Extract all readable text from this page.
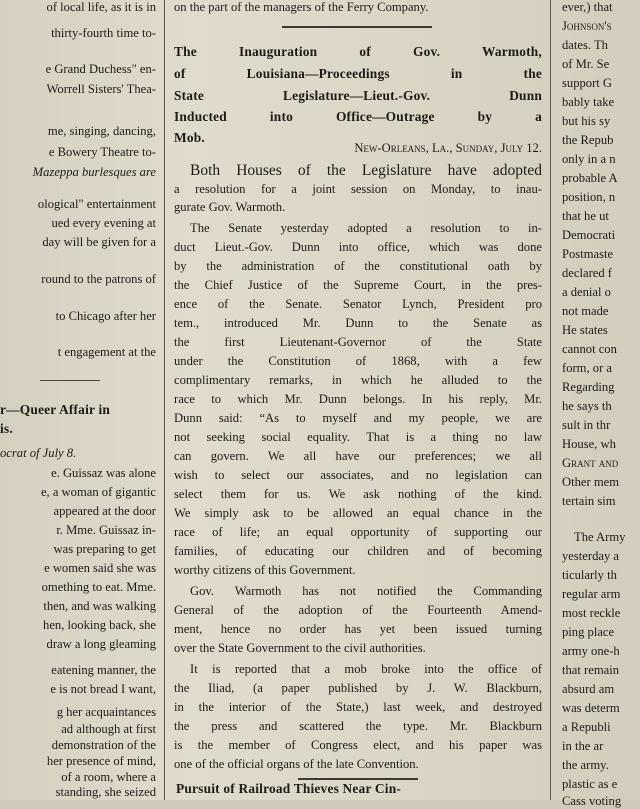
of local life, as it is in
thirty-fourth time to-
e Grand Duchess" en-
Worrell Sisters' Thea-
me, singing, dancing,
e Bowery Theatre to-
Mazeppa burlesques are
ological" entertainment
ued every evening at
day will be given for a
round to the patrons of
to Chicago after her
t engagement at the
r—Queer Affair in
is.
ocrat of July 8.
e. Guissaz was alone
e, a woman of gigantic
appeared at the door
r. Mme. Guissaz in-
was preparing to get
e women said she was
omething to eat. Mme.
then, and was walking
hen, looking back, she
draw a long gleaming
eatening manner, the
e is not bread I want,
g her acquaintances
ad although at first
demonstration of the
her presence of mind,
of a room, where a
standing, she seized
on the part of the managers of the Ferry Company.
The Inauguration of Gov. Warmoth,
of Louisiana—Proceedings in the
State Legislature—Lieut.-Gov. Dunn
Inducted into Office—Outrage by a
Mob.
New-Orleans, La., Sunday, July 12.
Both Houses of the Legislature have adopted
a resolution for a joint session on Monday, to inau-
gurate Gov. Warmoth.
The Senate yesterday adopted a resolution to in-
duct Lieut.-Gov. Dunn into office, which was done
by the administration of the constitutional oath by
the Chief Justice of the Supreme Court, in the pres-
ence of the Senate. Senator Lynch, President pro
tem., introduced Mr. Dunn to the Senate as
the first Lieutenant-Governor of the State
under the Constitution of 1868, with a few
complimentary remarks, in which he alluded to the
race to which Mr. Dunn belongs. In his reply, Mr.
Dunn said: “As to myself and my people, we are
not seeking social equality. That is a thing no law
can govern. We all have our preferences; we all
wish to select our associates, and no legislation can
select them for us. We ask nothing of the kind.
We simply ask to be allowed an equal chance in the
race of life; an equal opportunity of supporting our
families, of educating our children and of becoming
worthy citizens of this Government.
Gov. Warmoth has not notified the Commanding
General of the adoption of the Fourteenth Amend-
ment, hence no order has yet been issued turning
over the State Government to the civil authorities.
It is reported that a mob broke into the office of
the Iliad, (a paper published by J. W. Blackburn,
in the interior of the State,) last week, and destroyed
the press and scattered the type. Mr. Blackburn
is the member of Congress elect, and his paper was
one of the official organs of the late Convention.
Pursuit of Railroad Thieves Near Cin-
ever,) that
Johnson's
dates. Th
of Mr. Se
support G
bably take
but his sy
the Repub
only in a n
probable A
position, n
that he ut
Democrati
Postmaste
declared f
a denial o
not made
He states
cannot con
form, or a
Regarding
he says th
sult in thr
House, wh
Grant and
Other mem
tertain sim
The Army
yesterday a
ticularly th
regular arm
most reckle
ping place
army one-h
that remain
absurd am
was determ
a Republi
in the ar
the army.
plastic as e
Cass voting
